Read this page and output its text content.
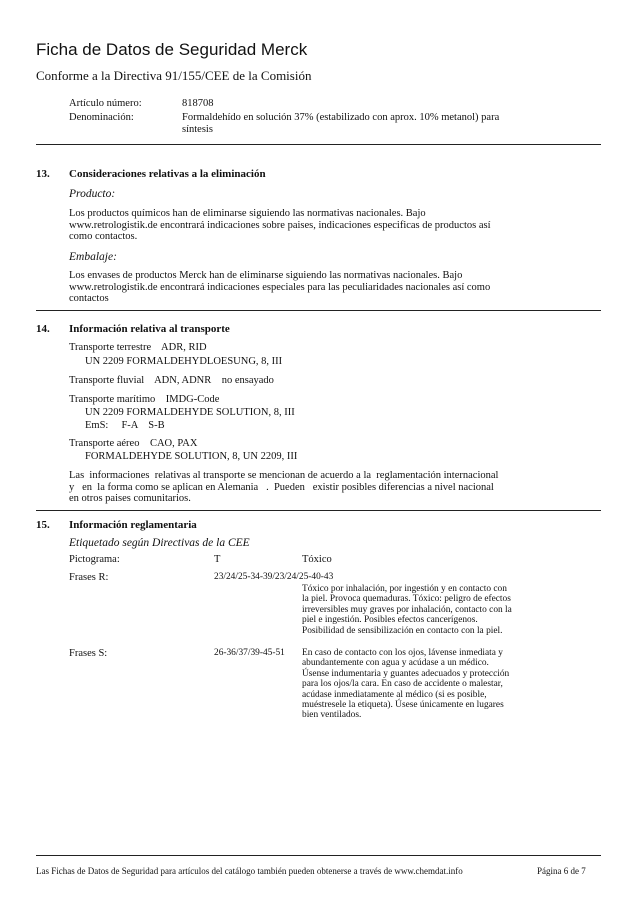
Ficha de Datos de Seguridad Merck
Conforme a la Directiva 91/155/CEE de la Comisión
Artículo número:	818708
Denominación:	Formaldehído en solución 37% (estabilizado con aprox. 10% metanol) para síntesis
13. Consideraciones relativas a la eliminación
Producto:
Los productos químicos han de eliminarse siguiendo las normativas nacionales. Bajo www.retrologistik.de encontrará indicaciones sobre paises, indicaciones especificas de productos así como contactos.
Embalaje:
Los envases de productos Merck han de eliminarse siguiendo las normativas nacionales. Bajo www.retrologistik.de encontrará indicaciones especiales para las peculiaridades nacionales así como contactos
14. Información relativa al transporte
Transporte terrestre    ADR, RID
UN 2209 FORMALDEHYDLOESUNG, 8, III
Transporte fluvial    ADN, ADNR    no ensayado
Transporte marítimo    IMDG-Code
UN 2209 FORMALDEHYDE SOLUTION, 8, III
EmS:     F-A    S-B
Transporte aéreo    CAO, PAX
FORMALDEHYDE SOLUTION, 8, UN 2209, III
Las  informaciones  relativas al transporte se mencionan de acuerdo a la  reglamentación internacional  y   en  la forma como se aplican en Alemania   .  Pueden   existir posibles diferencias a nivel nacional en otros paises comunitarios.
15. Información reglamentaria
Etiquetado según Directivas de la CEE
Pictograma:	T	Tóxico
Frases R:	23/24/25-34-39/23/24/25-40-43
Tóxico por inhalación, por ingestión y en contacto con la piel. Provoca quemaduras. Tóxico: peligro de efectos irreversibles muy graves por inhalación, contacto con la piel e ingestión. Posibles efectos cancerígenos. Posibilidad de sensibilización en contacto con la piel.
Frases S:	26-36/37/39-45-51 En caso de contacto con los ojos, lávense inmediata y abundantemente con agua y acúdase a un médico. Úsense indumentaria y guantes adecuados y protección para los ojos/la cara. En caso de accidente o malestar, acúdase inmediatamente al médico (si es posible, muéstresele la etiqueta). Úsese únicamente en lugares bien ventilados.
Las Fichas de Datos de Seguridad para artículos del catálogo también pueden obtenerse a través de www.chemdat.info	Página 6 de 7
